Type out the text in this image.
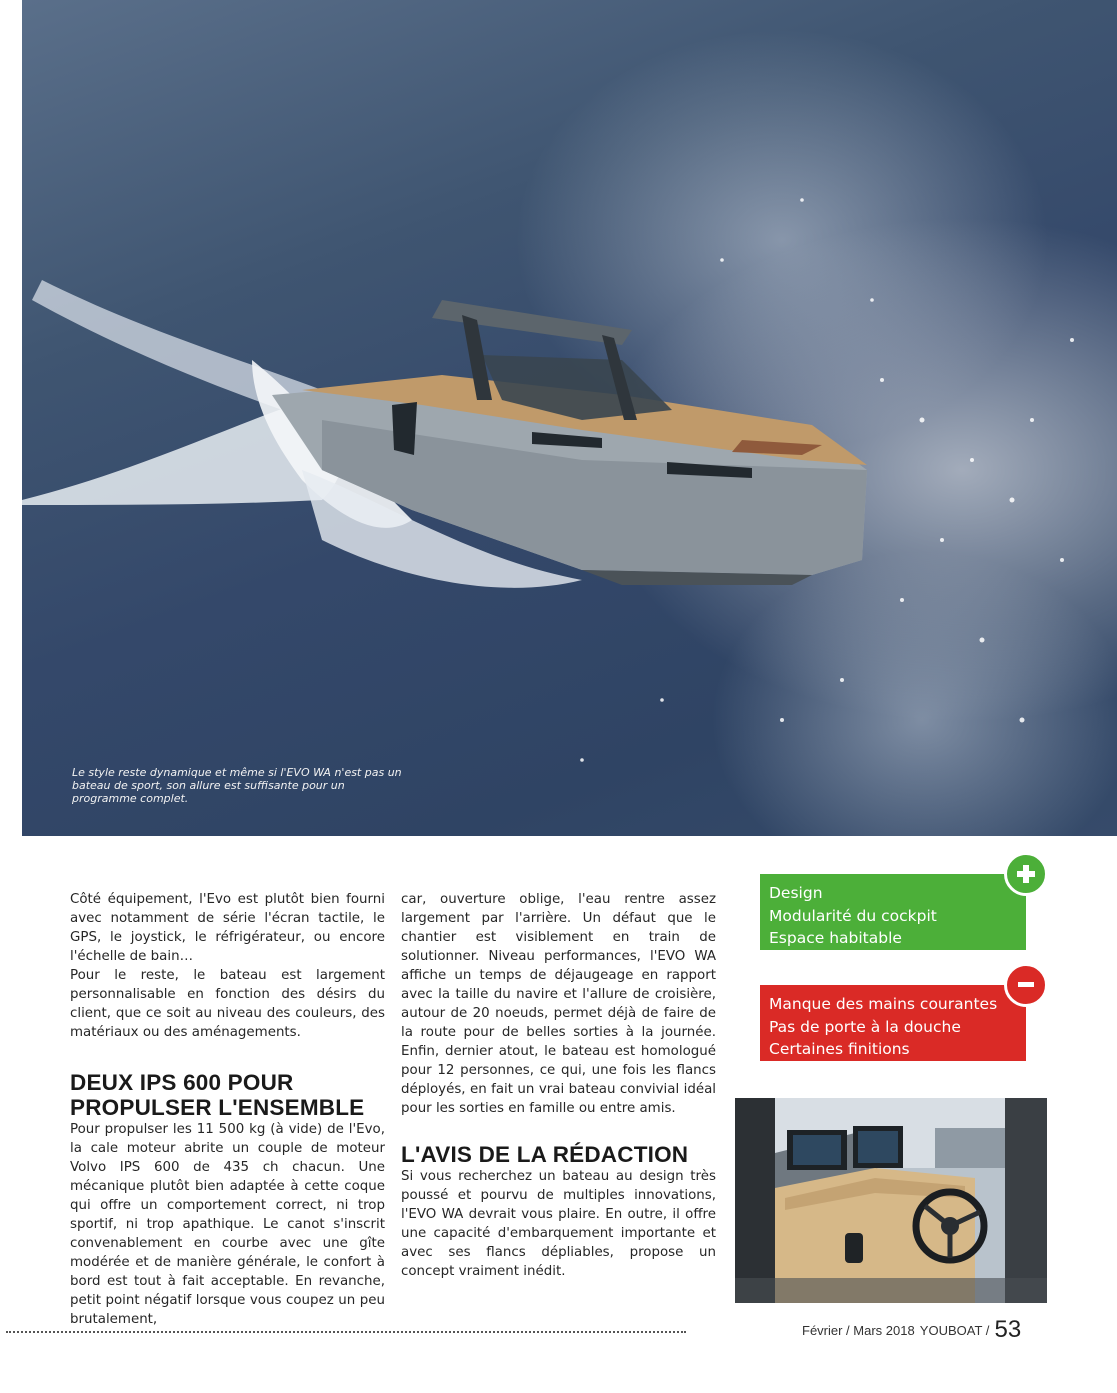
Le style reste dynamique et même si l'EVO WA n'est pas un bateau de sport, son allure est suffisante pour un programme complet.

Côté équipement, l'Evo est plutôt bien fourni avec notamment de série l'écran tactile, le GPS, le joystick, le réfrigérateur, ou encore l'échelle de bain…

Pour le reste, le bateau est largement personnalisable en fonction des désirs du client, que ce soit au niveau des couleurs, des matériaux ou des aménagements.

DEUX IPS 600 POUR PROPULSER L'ENSEMBLE

Pour propulser les 11 500 kg (à vide) de l'Evo, la cale moteur abrite un couple de moteur Volvo IPS 600 de 435 ch chacun. Une mécanique plutôt bien adaptée à cette coque qui offre un comportement correct, ni trop sportif, ni trop apathique. Le canot s'inscrit convenablement en courbe avec une gîte modérée et de manière générale, le confort à bord est tout à fait acceptable. En revanche, petit point négatif lorsque vous coupez un peu brutalement,

car, ouverture oblige, l'eau rentre assez largement par l'arrière. Un défaut que le chantier est visiblement en train de solutionner. Niveau performances, l'EVO WA affiche un temps de déjaugeage en rapport avec la taille du navire et l'allure de croisière, autour de 20 noeuds, permet déjà de faire de la route pour de belles sorties à la journée. Enfin, dernier atout, le bateau est homologué pour 12 personnes, ce qui, une fois les flancs déployés, en fait un vrai bateau convivial idéal pour les sorties en famille ou entre amis.

L'AVIS DE LA RÉDACTION

Si vous recherchez un bateau au design très poussé et pourvu de multiples innovations, l'EVO WA devrait vous plaire. En outre, il offre une capacité d'embarquement importante et avec ses flancs dépliables, propose un concept vraiment inédit.

Design
Modularité du cockpit
Espace habitable
Manque des mains courantes
Pas de porte à la douche
Certaines finitions
Février / Mars 2018 YOUBOAT / 53
